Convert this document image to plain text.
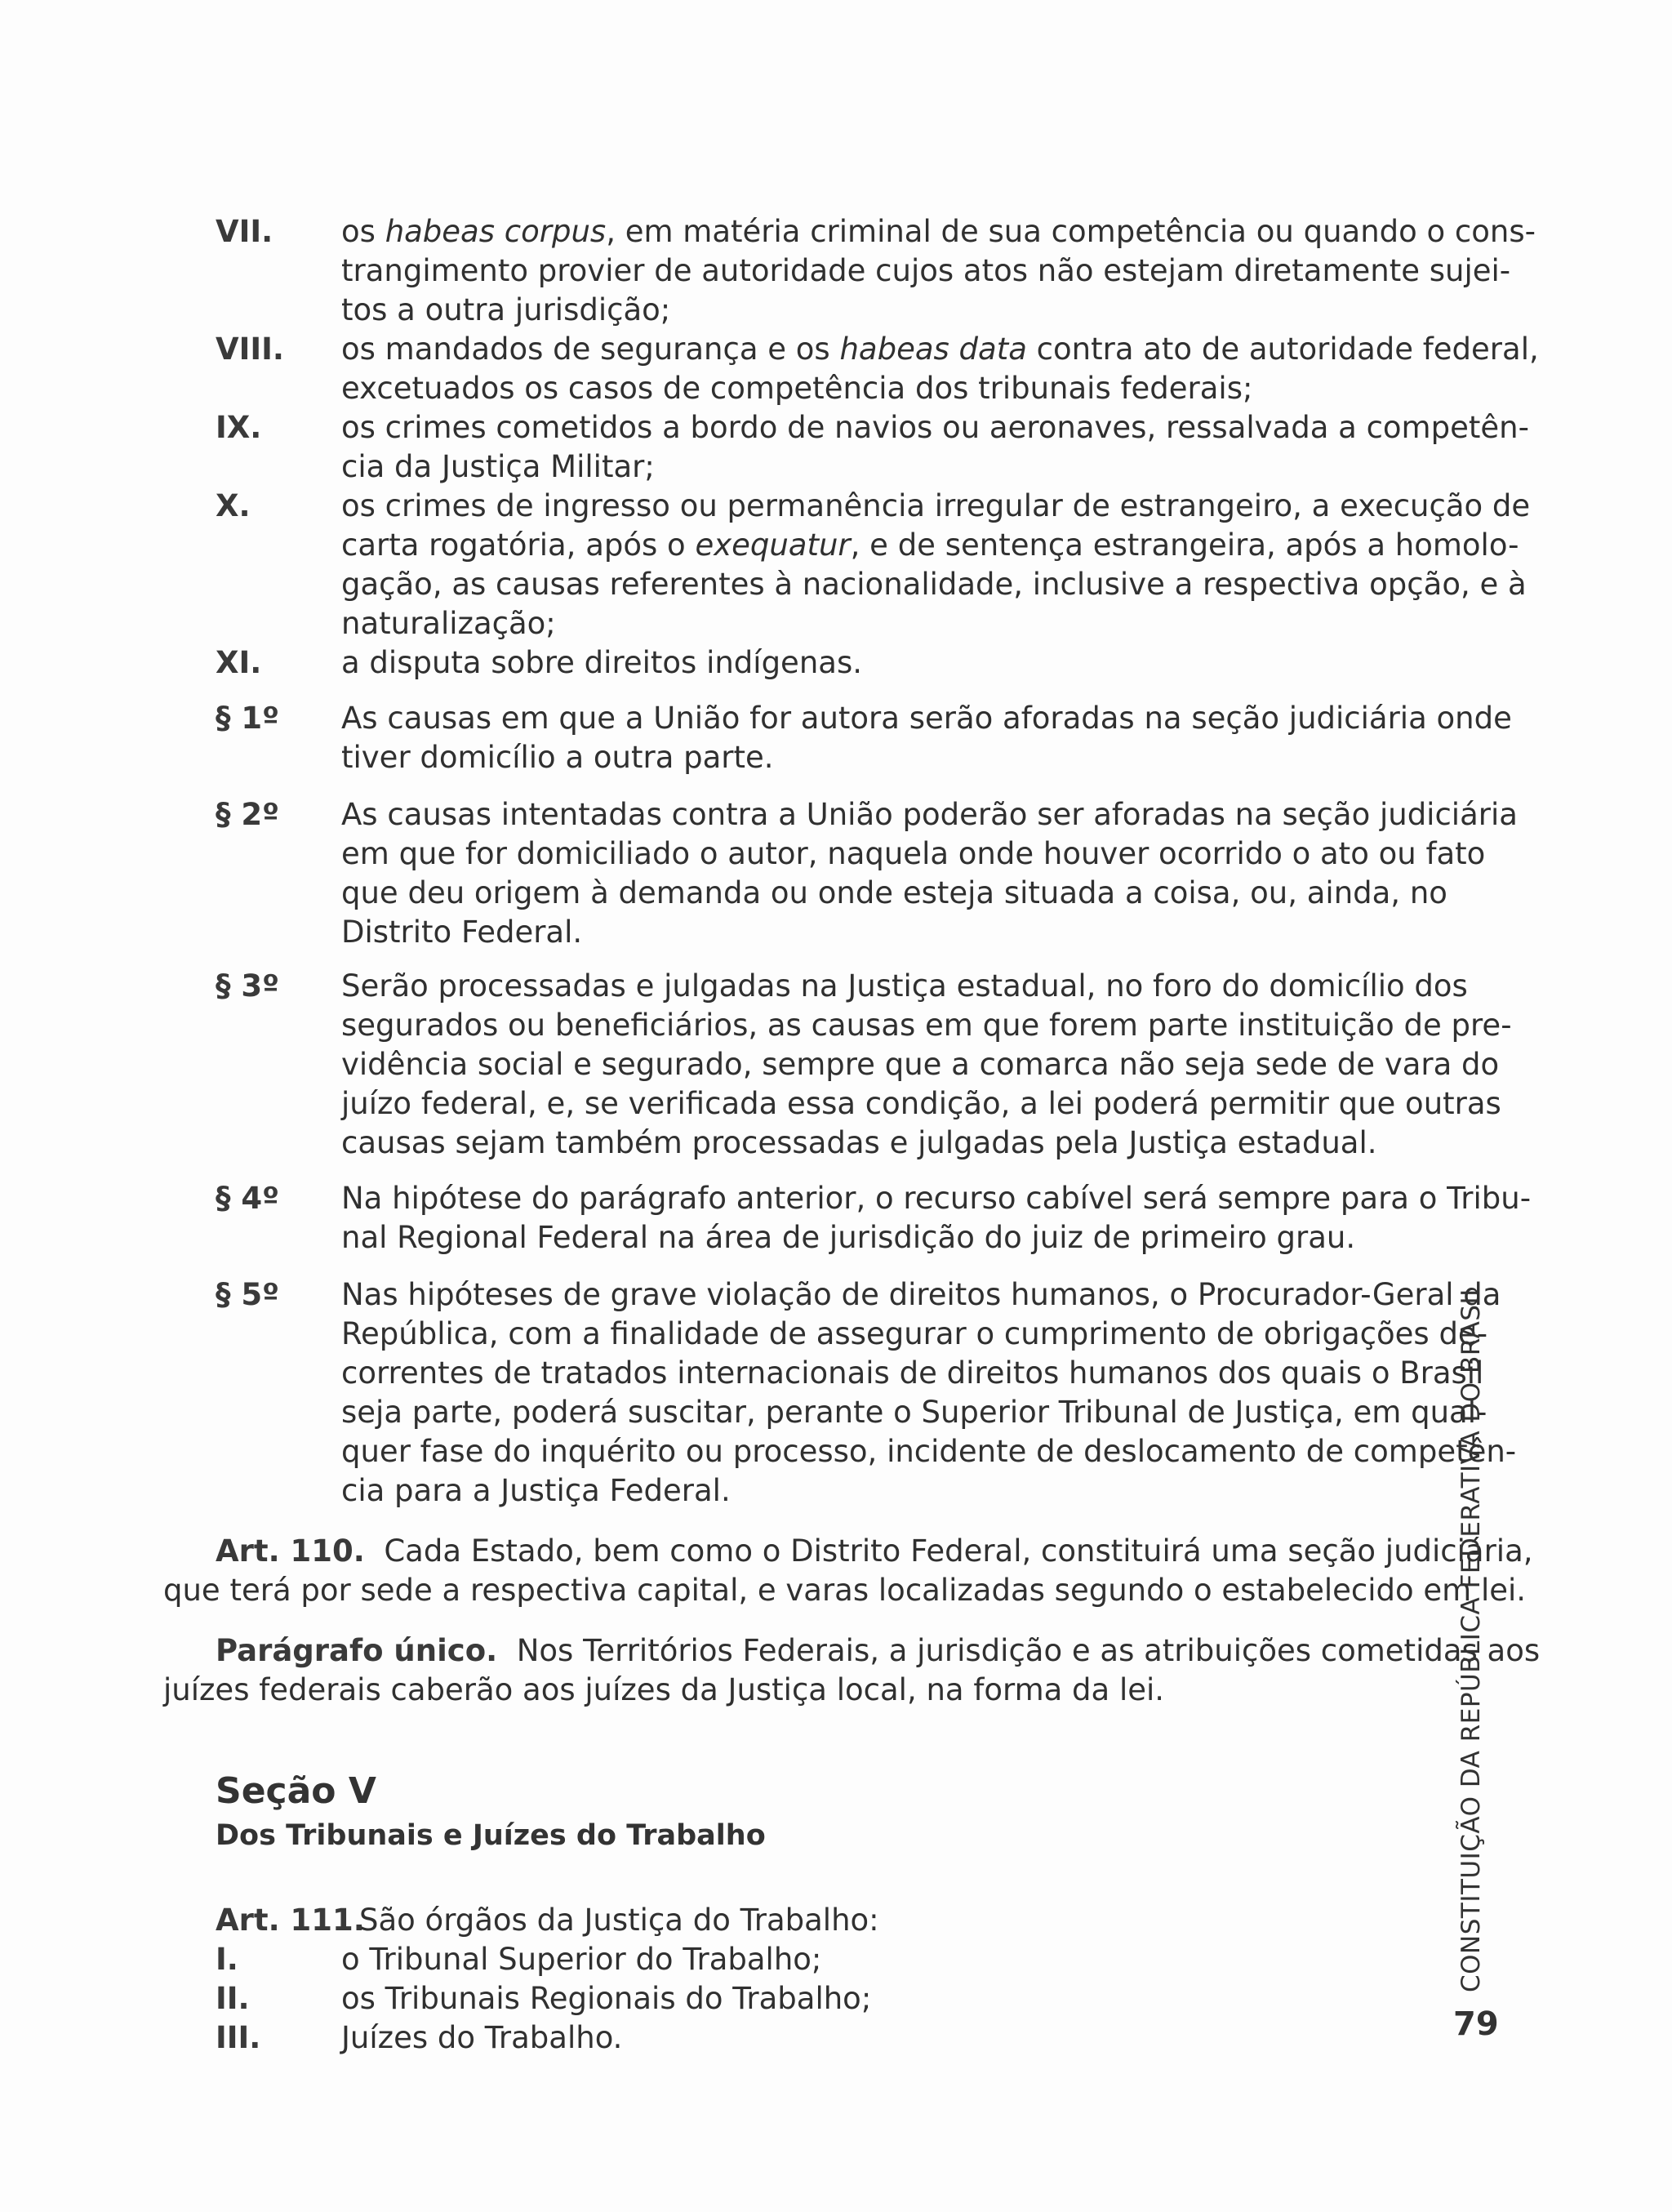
VII. os habeas corpus, em matéria criminal de sua competência ou quando o cons-
trangimento provier de autoridade cujos atos não estejam diretamente sujei-
tos a outra jurisdição;
VIII. os mandados de segurança e os habeas data contra ato de autoridade federal,
excetuados os casos de competência dos tribunais federais;
IX.	os crimes cometidos a bordo de navios ou aeronaves, ressalvada a competên-
cia da Justiça Militar;
X.	os crimes de ingresso ou permanência irregular de estrangeiro, a execução de
carta rogatória, após o exequatur, e de sentença estrangeira, após a homolo-
gação, as causas referentes à nacionalidade, inclusive a respectiva opção, e à
naturalização;
XI.	a disputa sobre direitos indígenas.
§ 1º As causas em que a União for autora serão aforadas na seção judiciária onde
tiver domicílio a outra parte.
§ 2º As causas intentadas contra a União poderão ser aforadas na seção judiciária
em que for domiciliado o autor, naquela onde houver ocorrido o ato ou fato
que deu origem à demanda ou onde esteja situada a coisa, ou, ainda, no
Distrito Federal.
§ 3º Serão processadas e julgadas na Justiça estadual, no foro do domicílio dos
segurados ou beneficiários, as causas em que forem parte instituição de pre-
vidência social e segurado, sempre que a comarca não seja sede de vara do
juízo federal, e, se verificada essa condição, a lei poderá permitir que outras
causas sejam também processadas e julgadas pela Justiça estadual.
§ 4º Na hipótese do parágrafo anterior, o recurso cabível será sempre para o Tribu-
nal Regional Federal na área de jurisdição do juiz de primeiro grau.
§ 5º Nas hipóteses de grave violação de direitos humanos, o Procurador-Geral da
República, com a finalidade de assegurar o cumprimento de obrigações de-
correntes de tratados internacionais de direitos humanos dos quais o Brasil
seja parte, poderá suscitar, perante o Superior Tribunal de Justiça, em qual-
quer fase do inquérito ou processo, incidente de deslocamento de competên-
cia para a Justiça Federal.
Art. 110. Cada Estado, bem como o Distrito Federal, constituirá uma seção judiciária,
que terá por sede a respectiva capital, e varas localizadas segundo o estabelecido em lei.
Parágrafo único. Nos Territórios Federais, a jurisdição e as atribuições cometidas aos
juízes federais caberão aos juízes da Justiça local, na forma da lei.
Seção V
Dos Tribunais e Juízes do Trabalho
Art. 111.
São órgãos da Justiça do Trabalho:
I.	o Tribunal Superior do Trabalho;
II.	os Tribunais Regionais do Trabalho;
III.	Juízes do Trabalho.
CONSTITUIÇÃO DA REPÚBLICA FEDERATIVA DO BRASIL
79
